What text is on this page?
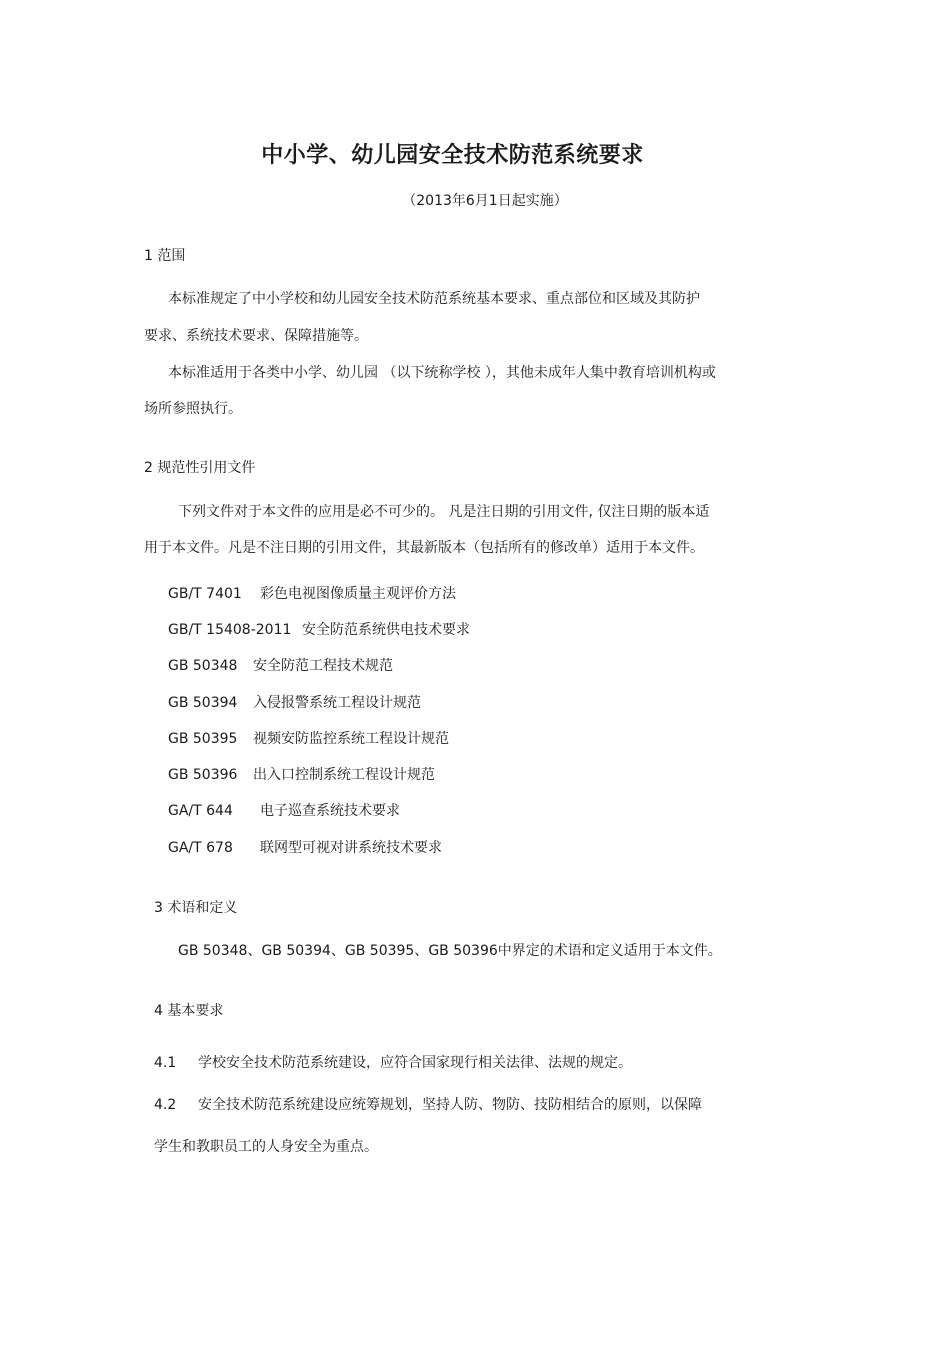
中小学、幼儿园安全技术防范系统要求

（2013年6月1日起实施）

1 范围

本标准规定了中小学校和幼儿园安全技术防范系统基本要求、重点部位和区域及其防护

要求、系统技术要求、保障措施等。

本标准适用于各类中小学、幼儿园 （以下统称学校 ），其他未成年人集中教育培训机构或

场所参照执行。

2 规范性引用文件

下列文件对于本文件的应用是必不可少的。 凡是注日期的引用文件, 仅注日期的版本适

用于本文件。凡是不注日期的引用文件，其最新版本（包括所有的修改单）适用于本文件。

GB/T 7401 彩色电视图像质量主观评价方法

GB/T 15408-2011 安全防范系统供电技术要求

GB 50348 安全防范工程技术规范

GB 50394 入侵报警系统工程设计规范

GB 50395 视频安防监控系统工程设计规范

GB 50396 出入口控制系统工程设计规范

GA/T 644 电子巡查系统技术要求

GA/T 678 联网型可视对讲系统技术要求

3 术语和定义

GB 50348、GB 50394、GB 50395、GB 50396中界定的术语和定义适用于本文件。

4 基本要求

4.1 学校安全技术防范系统建设，应符合国家现行相关法律、法规的规定。

4.2 安全技术防范系统建设应统筹规划，坚持人防、物防、技防相结合的原则，以保障

学生和教职员工的人身安全为重点。
